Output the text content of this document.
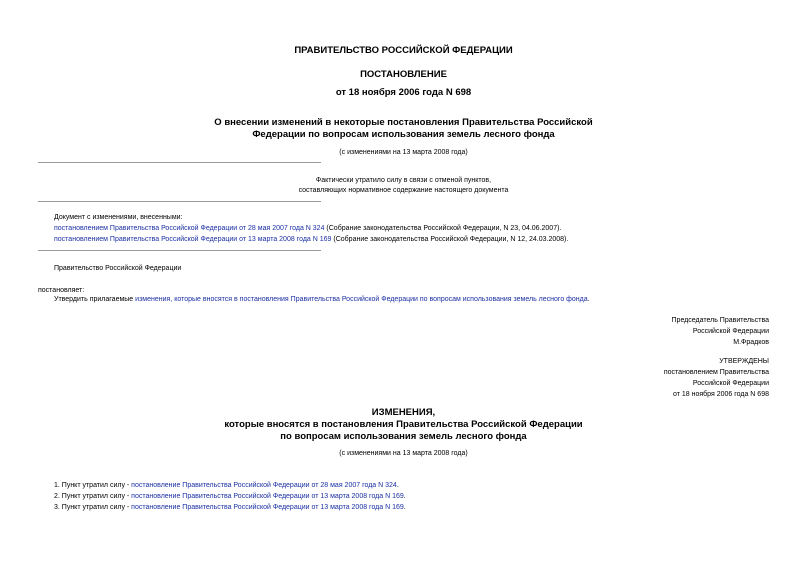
ПРАВИТЕЛЬСТВО РОССИЙСКОЙ ФЕДЕРАЦИИ
ПОСТАНОВЛЕНИЕ
от 18 ноября 2006 года N 698
О внесении изменений в некоторые постановления Правительства Российской
Федерации по вопросам использования земель лесного фонда
(с изменениями на 13 марта 2008 года)
Фактически утратило силу в связи с отменой пунктов,
составляющих нормативное содержание настоящего документа
Документ с изменениями, внесенными:
постановлением Правительства Российской Федерации от 28 мая 2007 года N 324 (Собрание законодательства Российской Федерации, N 23, 04.06.2007).
постановлением Правительства Российской Федерации от 13 марта 2008 года N 169 (Собрание законодательства Российской Федерации, N 12, 24.03.2008).
Правительство Российской Федерации
постановляет:
Утвердить прилагаемые изменения, которые вносятся в постановления Правительства Российской Федерации по вопросам использования земель лесного фонда.
Председатель Правительства
Российской Федерации
М.Фрадков
УТВЕРЖДЕНЫ
постановлением Правительства
Российской Федерации
от 18 ноября 2006 года N 698
ИЗМЕНЕНИЯ,
которые вносятся в постановления Правительства Российской Федерации
по вопросам использования земель лесного фонда
(с изменениями на 13 марта 2008 года)
1. Пункт утратил силу - постановление Правительства Российской Федерации от 28 мая 2007 года N 324.
2. Пункт утратил силу - постановление Правительства Российской Федерации от 13 марта 2008 года N 169.
3. Пункт утратил силу - постановление Правительства Российской Федерации от 13 марта 2008 года N 169.
